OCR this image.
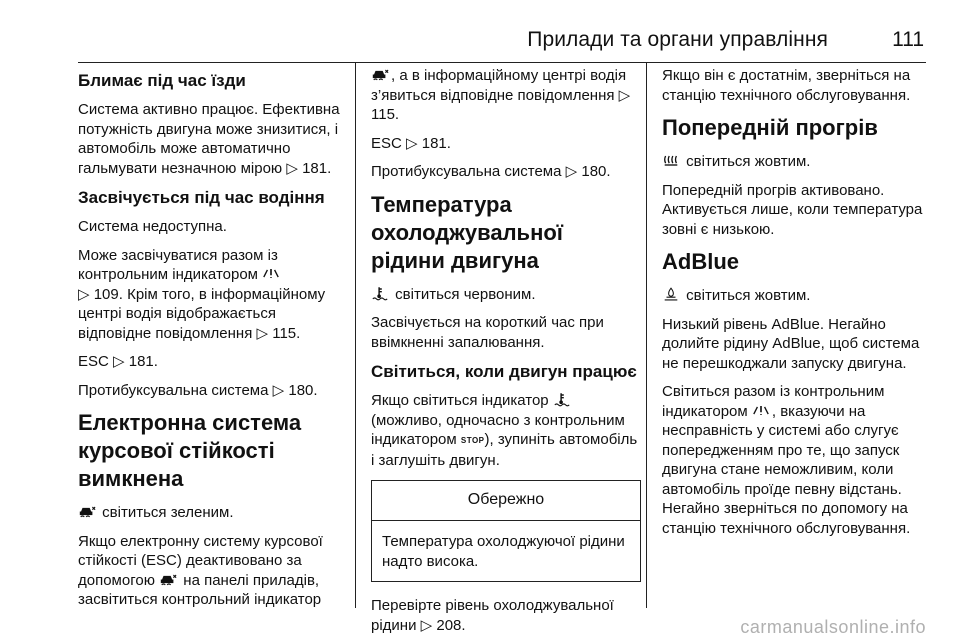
Прилади та органи управління	111
Блимає під час їзди

Система активно працює. Ефективна потужність двигуна може знизитися, і автомобіль може автоматично гальмувати незначною мірою ▷ 181.

Засвічується під час водіння

Система недоступна.

Може засвічуватися разом із контрольним індикатором

▷ 109. Крім того, в інформаційному центрі водія відображається відповідне повідомлення ▷ 115.

ESC ▷ 181.

Протибуксувальна система ▷ 180.

Електронна система курсової стійкості вимкнена

світиться зеленим.

Якщо електронну систему курсової стійкості (ESC) деактивовано за допомогою на панелі приладів, засвітиться контрольний індикатор

, а в інформаційному центрі водія з’явиться відповідне повідомлення ▷ 115.

ESC ▷ 181.

Протибуксувальна система ▷ 180.

Температура охолоджувальної рідини двигуна

світиться червоним.

Засвічується на короткий час при ввімкненні запалювання.

Світиться, коли двигун працює

Якщо світиться індикатор
(можливо, одночасно з контрольним індикатором STOP), зупиніть автомобіль і заглушіть двигун.

Обережно
Температура охолоджуючої рідини надто висока.

Перевірте рівень охолоджувальної рідини ▷ 208.

Якщо він є достатнім, зверніться на станцію технічного обслуговування.

Попередній прогрів

світиться жовтим.

Попередній прогрів активовано. Активується лише, коли температура зовні є низькою.

AdBlue

світиться жовтим.

Низький рівень AdBlue. Негайно долийте рідину AdBlue, щоб система не перешкоджали запуску двигуна.

Світиться разом із контрольним індикатором , вказуючи на несправність у системі або слугує попередженням про те, що запуск двигуна стане неможливим, коли автомобіль проїде певну відстань. Негайно зверніться по допомогу на станцію технічного обслуговування.

carmanualsonline.info
